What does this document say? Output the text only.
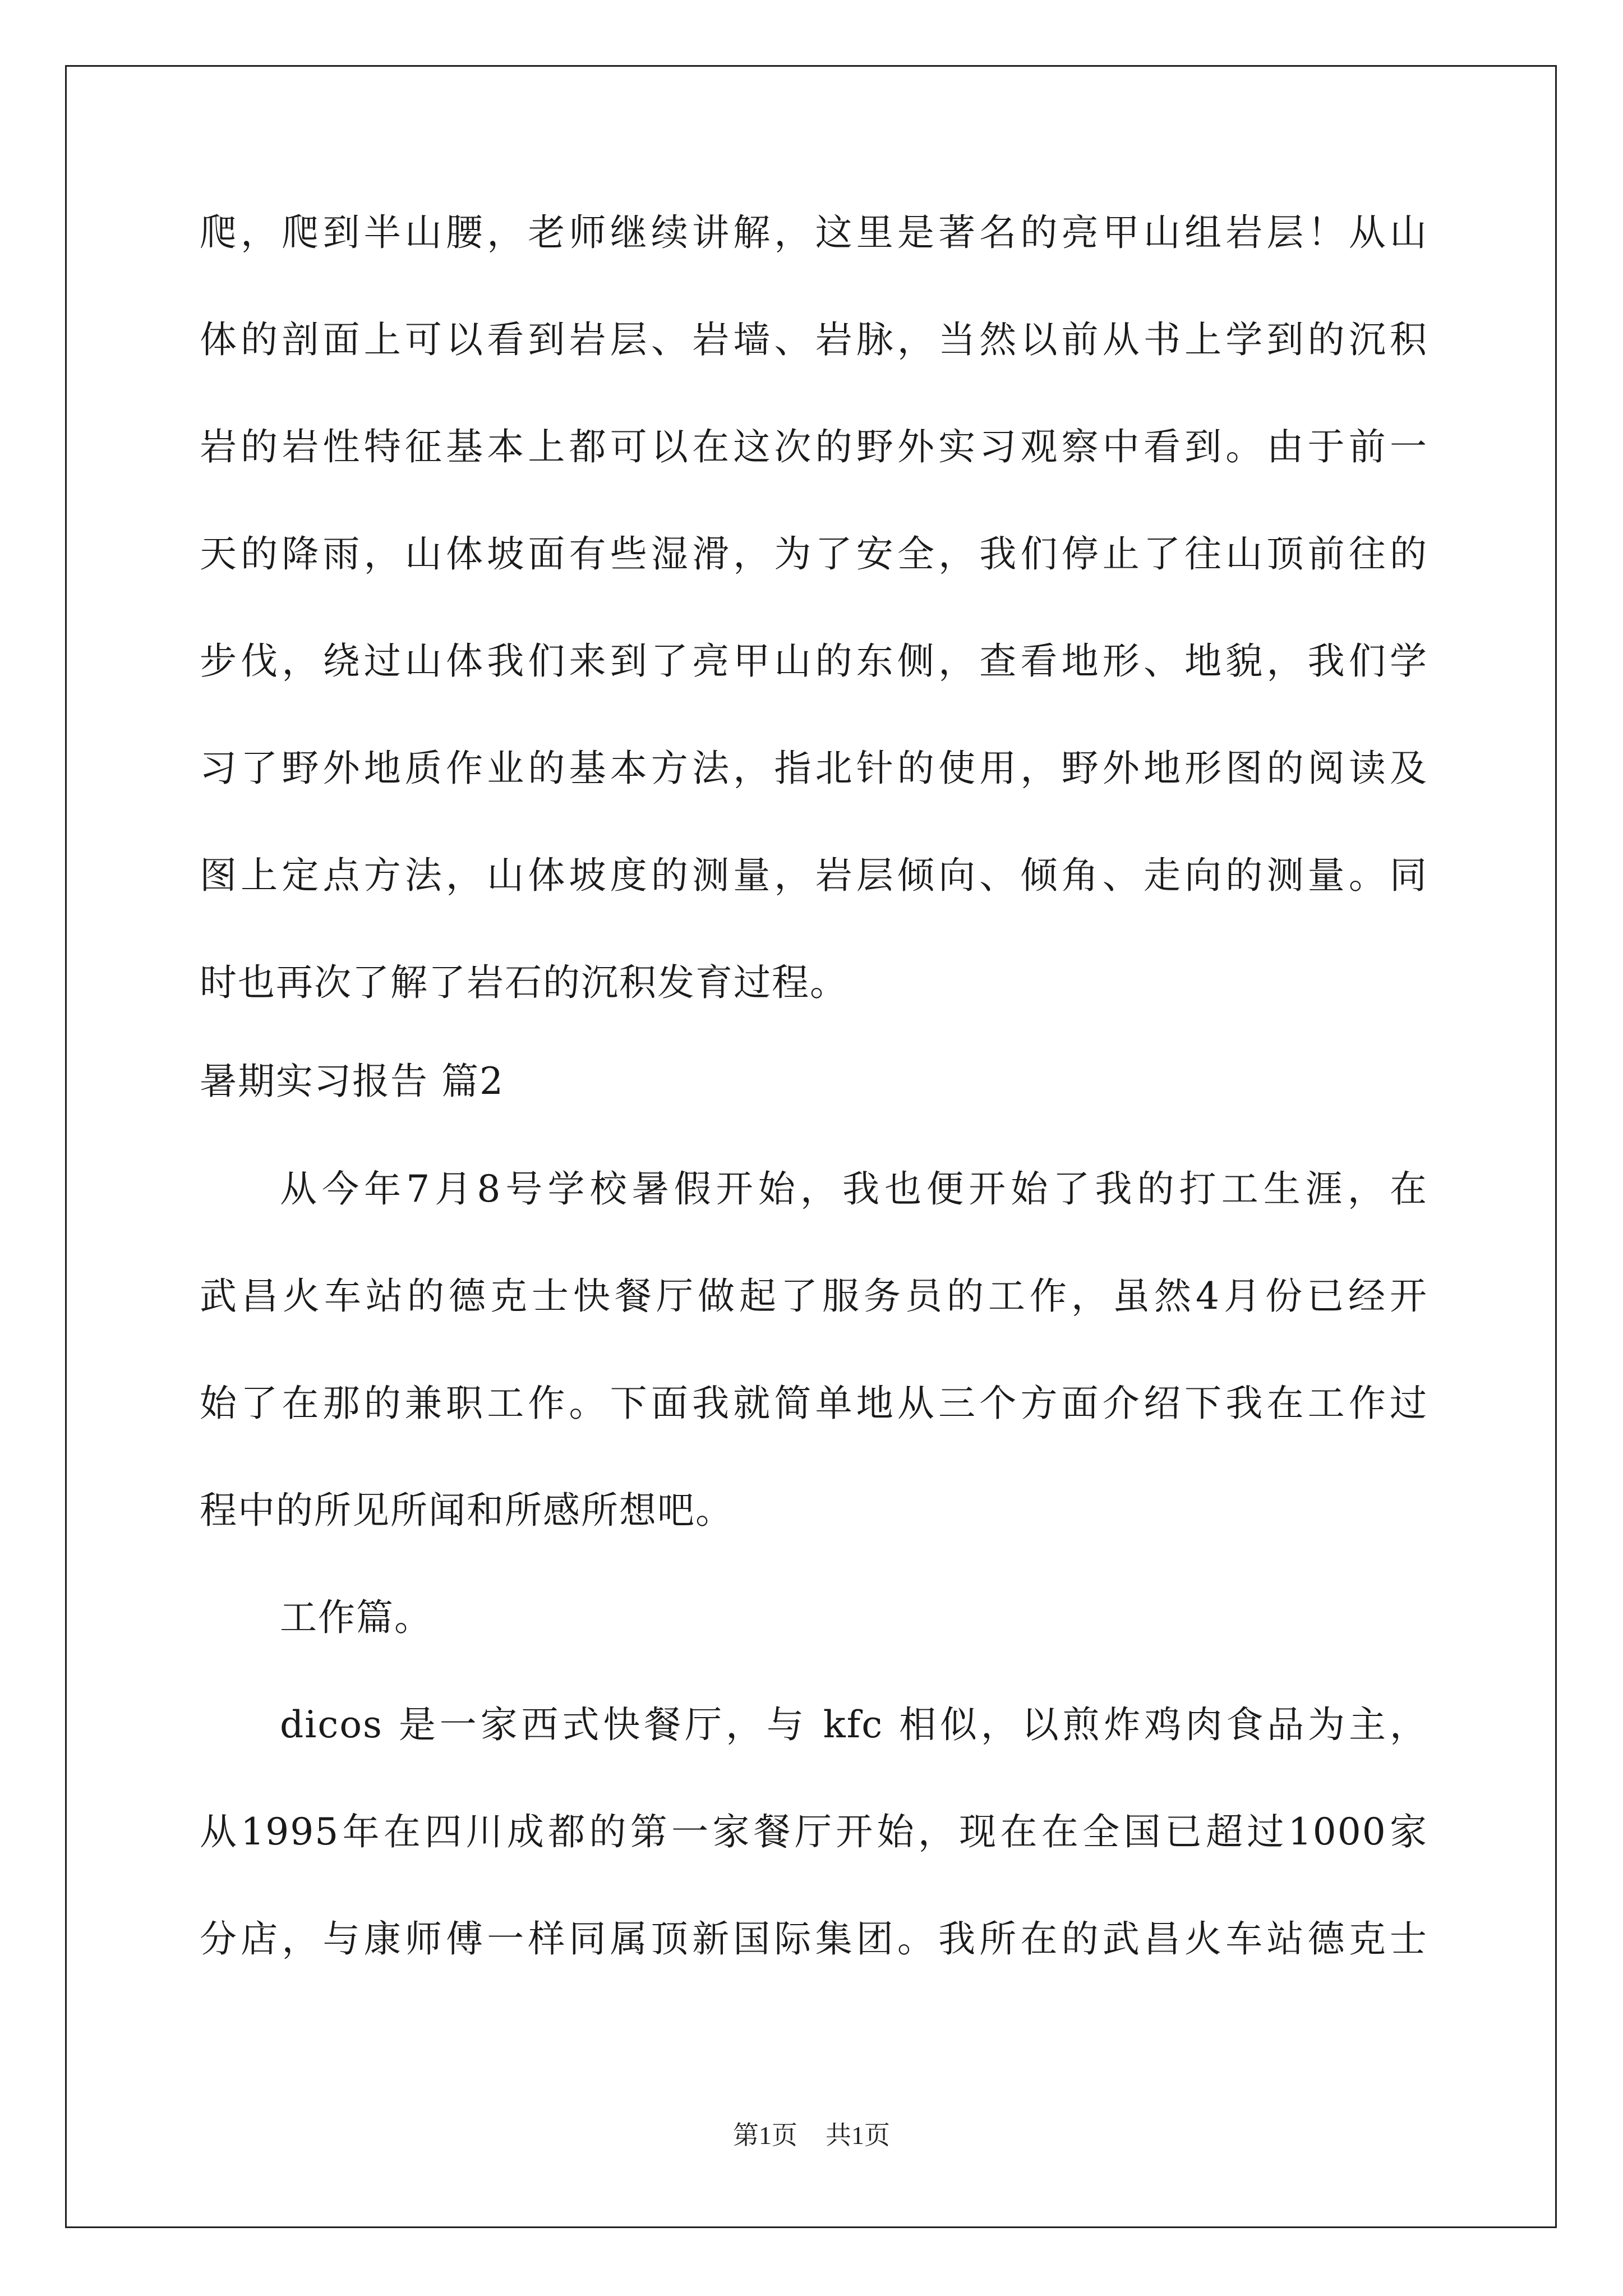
爬，爬到半山腰，老师继续讲解，这里是著名的亮甲山组岩层！从山
体的剖面上可以看到岩层、岩墙、岩脉，当然以前从书上学到的沉积
岩的岩性特征基本上都可以在这次的野外实习观察中看到。由于前一
天的降雨，山体坡面有些湿滑，为了安全，我们停止了往山顶前往的
步伐，绕过山体我们来到了亮甲山的东侧，查看地形、地貌，我们学
习了野外地质作业的基本方法，指北针的使用，野外地形图的阅读及
图上定点方法，山体坡度的测量，岩层倾向、倾角、走向的测量。同
时也再次了解了岩石的沉积发育过程。
暑期实习报告 篇2
从今年7月8号学校暑假开始，我也便开始了我的打工生涯，在
武昌火车站的德克士快餐厅做起了服务员的工作，虽然4月份已经开
始了在那的兼职工作。下面我就简单地从三个方面介绍下我在工作过
程中的所见所闻和所感所想吧。
工作篇。
dicos 是一家西式快餐厅，与 kfc 相似，以煎炸鸡肉食品为主，
从1995年在四川成都的第一家餐厅开始，现在在全国已超过1000家
分店，与康师傅一样同属顶新国际集团。我所在的武昌火车站德克士
第1页 共1页
